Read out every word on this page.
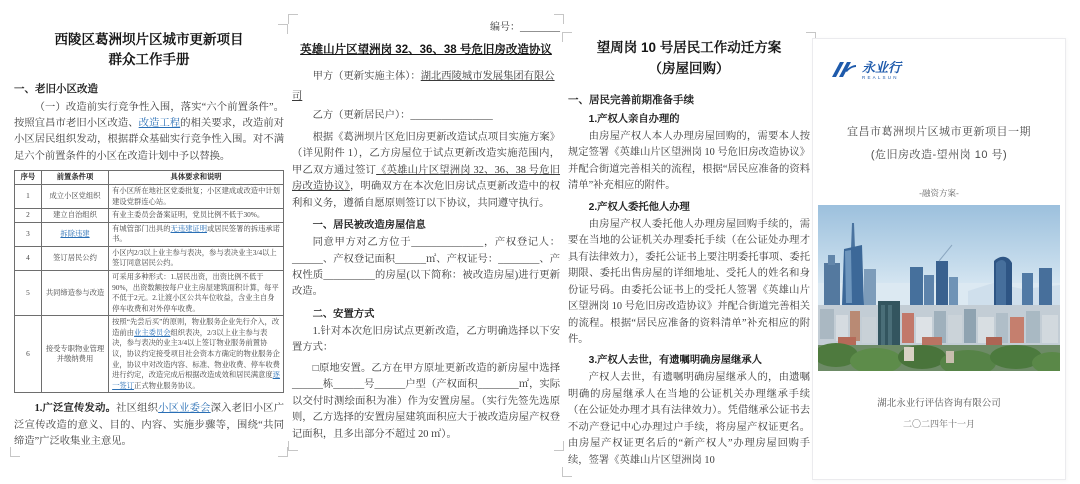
西陵区葛洲坝片区城市更新项目
群众工作手册
一、老旧小区改造
（一）改造前实行竞争性入围，落实“六个前置条件”。按照宜昌市老旧小区改造、改造工程的相关要求，改造前对小区居民组织发动，根据群众基础实行竞争性入围。对不满足六个前置条件的小区在改造计划中予以替换。
序号	前置条件项	具体要求和说明
1	成立小区党组织	有小区所在地社区党委批复；小区建成或改造中计划建设党群连心站。
2	建立自治组织	有业主委员会备案证明，党员比例不低于30%。
3	拆除违建	有城管部门出具的无违建证明或居民签署的拆违承诺书。
4	签订居民公约	小区内2/3以上业主参与表决，参与表决业主3/4以上签订同意居民公约。
5	共同缔造参与改造	可采用多种形式：1.居民出资，出资比例不低于90%，出资数额按每户业主房屋建筑面积计算，每平不低于2元。2.让渡小区公共车位收益，含业主自身停车收费和对外停车收费。
6	接受专职物业管理并缴纳费用	按照“先尝后买”的原则，物业服务企业先行介入，改造前由业主委员会组织表决，2/3以上业主参与表决，参与表决的业主3/4以上签订物业服务前置协议，协议约定接受项目社会资本方确定的物业服务企业，协议中对改造内容、标准、物业收费、停车收费进行约定，改造完成后根据改造成效和居民满意度逐一签订正式物业服务协议。
1.广泛宣传发动。社区组织小区业委会深入老旧小区广泛宣传改造的意义、目的、内容、实施步骤等，围绕“共同缔造”广泛收集业主意见。
编号：________
英雄山片区望洲岗 32、36、38 号危旧房改造协议
甲方（更新实施主体）：湖北西陵城市发展集团有限公司
乙方（更新居民户）：________________
根据《葛洲坝片区危旧房更新改造试点项目实施方案》（详见附件 1），乙方房屋位于试点更新改造实施范围内，甲乙双方通过签订《英雄山片区望洲岗 32、36、38 号危旧房改造协议》，明确双方在本次危旧房试点更新改造中的权利和义务，遵循自愿原则签订以下协议，共同遵守执行。
一、居民被改造房屋信息
同意甲方对乙方位于______________，产权登记人：______、产权登记面积______㎡、产权证号：________、产权性质__________的房屋(以下简称：被改造房屋)进行更新改造。
二、安置方式
1.针对本次危旧房试点更新改造，乙方明确选择以下安置方式：
□原地安置。乙方在甲方原址更新改造的新房屋中选择______栋______号______户型（产权面积________㎡，实际以交付时测绘面积为准）作为安置房屋。（实行先签先选原则，乙方选择的安置房屋建筑面积应大于被改造房屋产权登记面积，且多出部分不超过 20 ㎡）。
望周岗 10 号居民工作动迁方案
（房屋回购）
一、居民完善前期准备手续
1.产权人亲自办理的
由房屋产权人本人办理房屋回购的，需要本人按规定签署《英雄山片区望洲岗 10 号危旧房改造协议》并配合街道完善相关的流程，根据“居民应准备的资料清单”补充相应的附件。
2.产权人委托他人办理
由房屋产权人委托他人办理房屋回购手续的，需要在当地的公证机关办理委托手续（在公证处办理才具有法律效力），委托公证书上要注明委托事项、委托期限、委托出售房屋的详细地址、受托人的姓名和身份证号码。由委托公证书上的受托人签署《英雄山片区望洲岗 10 号危旧房改造协议》并配合街道完善相关的流程。根据“居民应准备的资料清单”补充相应的附件。
3.产权人去世，有遗嘱明确房屋继承人
产权人去世，有遗嘱明确房屋继承人的，由遗嘱明确的房屋继承人在当地的公证机关办理继承手续（在公证处办理才具有法律效力）。凭借继承公证书去不动产登记中心办理过户手续，将房屋产权证更名。由房屋产权证更名后的“新产权人”办理房屋回购手续，签署《英雄山片区望洲岗 10
永业行
REALSUN
宜昌市葛洲坝片区城市更新项目一期
(危旧房改造-望州岗 10 号)
-融资方案-
湖北永业行评估咨询有限公司
二〇二四年十一月
